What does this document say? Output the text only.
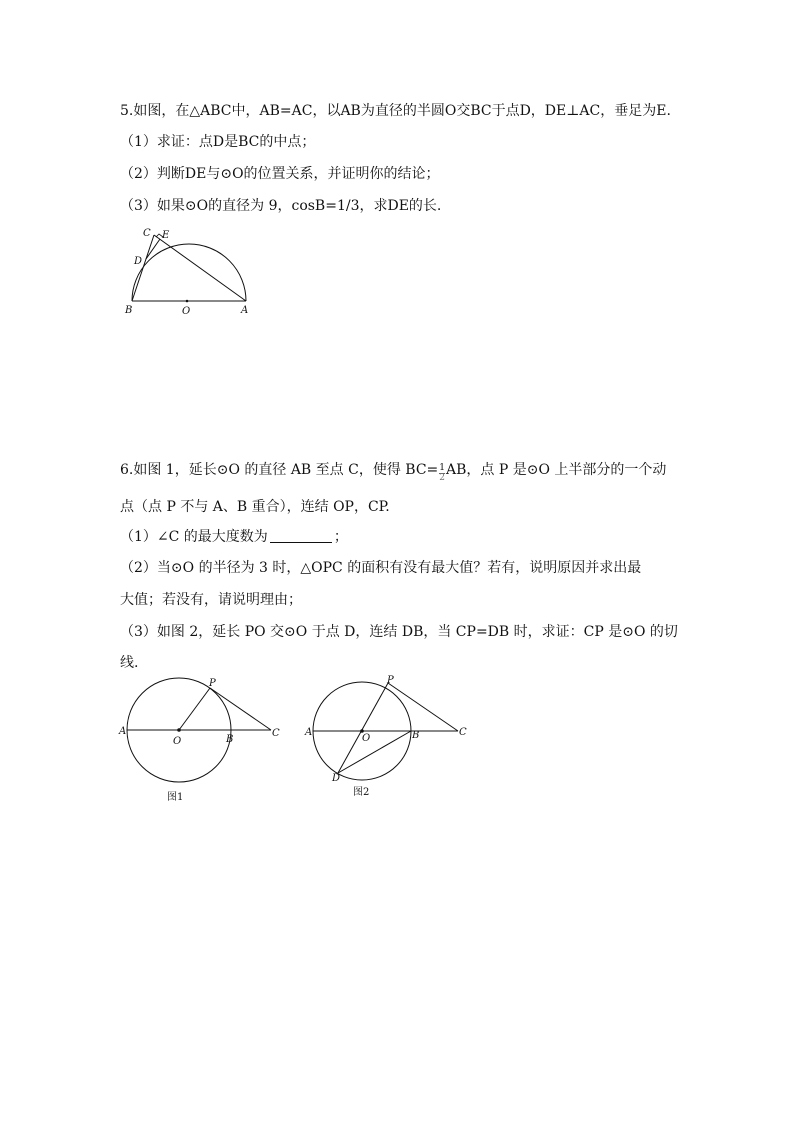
5.如图，在△ABC中，AB=AC，以AB为直径的半圆O交BC于点D，DE⊥AC，垂足为E.
（1）求证：点D是BC的中点；
（2）判断DE与⊙O的位置关系，并证明你的结论；
（3）如果⊙O的直径为 9，cosB=1/3，求DE的长.
C E
D
B	O	A
6.如图 1，延长⊙O 的直径 AB 至点 C，使得 $BC= \frac{1}{2}$ AB，点 P 是⊙O 上半部分的一个动
点（点 P 不与 A、B 重合），连结 OP，CP.
（1）∠C 的最大度数为	；
（2）当⊙O 的半径为 3 时，△OPC 的面积有没有最大值？若有，说明原因并求出最
大值；若没有，请说明理由；
（3）如图 2，延长 PO 交⊙O 于点 D，连结 DB，当 CP=DB 时，求证：CP 是⊙O 的切
线.
P
A
O	B
C
图1
P
A
O	B	C
D
图2
